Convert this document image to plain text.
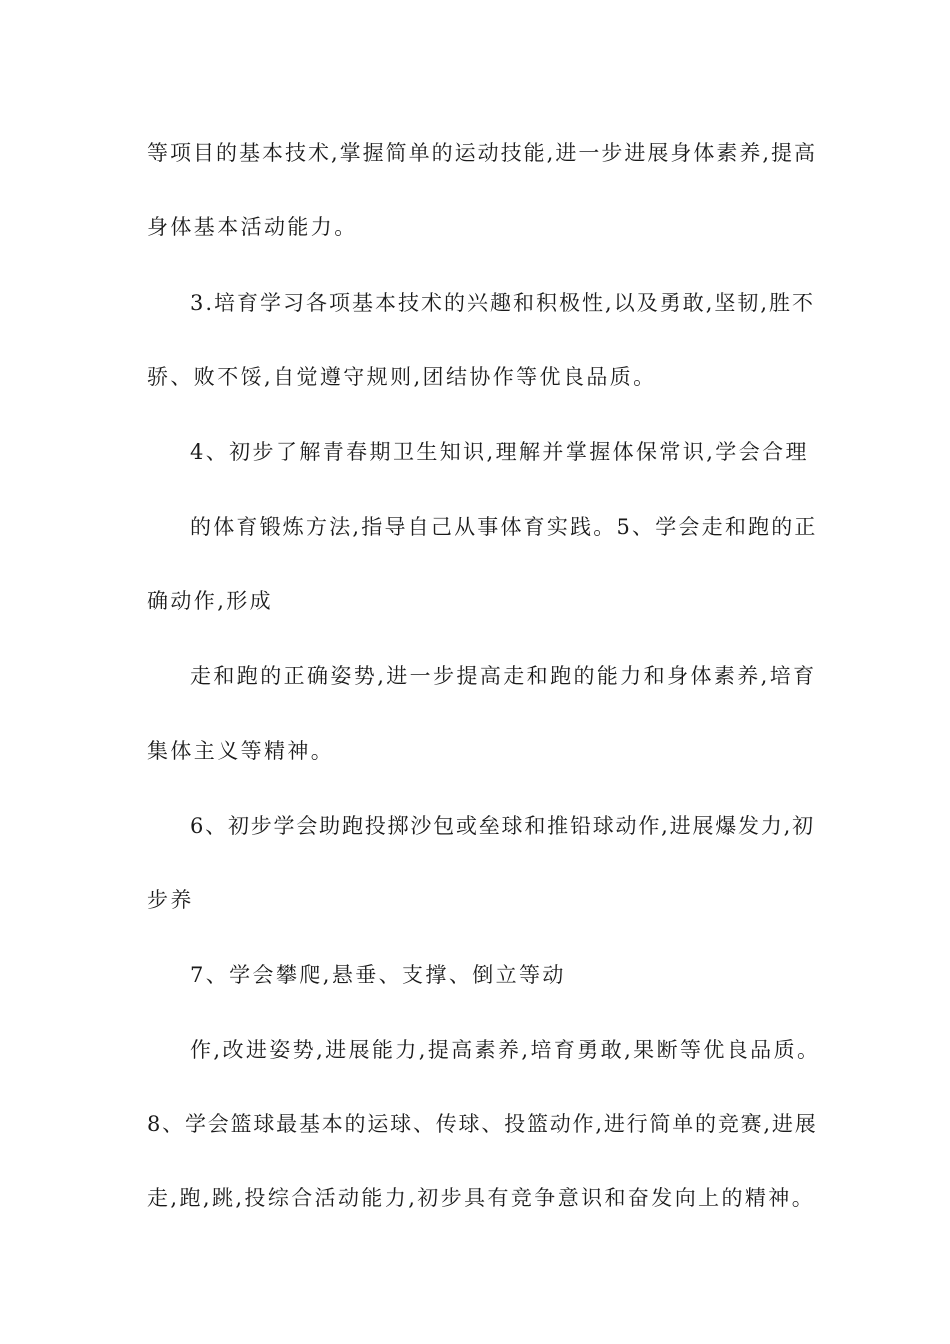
等项目的基本技术,掌握简单的运动技能,进一步进展身体素养,提高
身体基本活动能力。
3.培育学习各项基本技术的兴趣和积极性,以及勇敢,坚韧,胜不
骄、败不馁,自觉遵守规则,团结协作等优良品质。
4、初步了解青春期卫生知识,理解并掌握体保常识,学会合理
的体育锻炼方法,指导自己从事体育实践。5、学会走和跑的正
确动作,形成
走和跑的正确姿势,进一步提高走和跑的能力和身体素养,培育
集体主义等精神。
6、初步学会助跑投掷沙包或垒球和推铅球动作,进展爆发力,初
步养
7、学会攀爬,悬垂、支撑、倒立等动
作,改进姿势,进展能力,提高素养,培育勇敢,果断等优良品质。
8、学会篮球最基本的运球、传球、投篮动作,进行简单的竞赛,进展
走,跑,跳,投综合活动能力,初步具有竞争意识和奋发向上的精神。
